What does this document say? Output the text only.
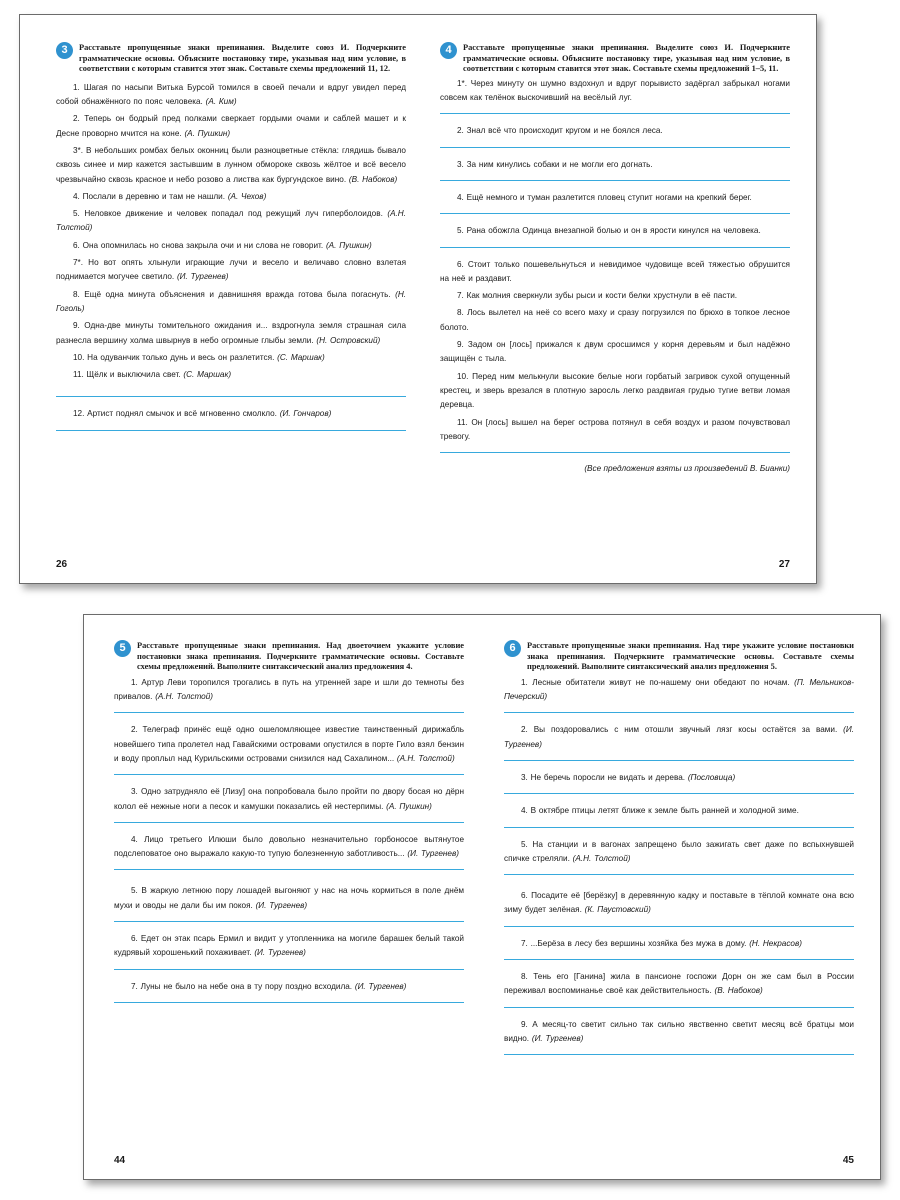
3	Расставьте пропущенные знаки препинания. Выделите союз И. Подчеркните грамматические основы. Объясните постановку тире, указывая над ним условие, в соответствии с которым ставится этот знак. Составьте схемы предложений 11, 12.

1. Шагая по насыпи Витька Бурсой томился в своей печали и вдруг увидел перед собой обнажённого по пояс человека. (А. Ким)

2. Теперь он бодрый пред полками сверкает гордыми очами и саблей машет и к Десне проворно мчится на коне. (А. Пушкин)

3*. В небольших ромбах белых оконниц были разноцветные стёкла: глядишь бывало сквозь синее и мир кажется застывшим в лунном обмороке сквозь жёлтое и всё весело чрезвычайно сквозь красное и небо розово а листва как бургундское вино. (В. Набоков)

4. Послали в деревню и там не нашли. (А. Чехов)

5. Неловкое движение и человек попадал под режущий луч гиперболоидов. (А.Н. Толстой)

6. Она опомнилась но снова закрыла очи и ни слова не говорит. (А. Пушкин)

7*. Но вот опять хлынули играющие лучи и весело и величаво словно взлетая поднимается могучее светило. (И. Тургенев)

8. Ещё одна минута объяснения и давнишняя вражда готова была погаснуть. (Н. Гоголь)

9. Одна-две минуты томительного ожидания и... вздрогнула земля страшная сила разнесла вершину холма швырнув в небо огромные глыбы земли. (Н. Островский)

10. На одуванчик только дунь и весь он разлетится. (С. Маршак)

11. Щёлк и выключила свет. (С. Маршак)

12. Артист поднял смычок и всё мгновенно смолкло. (И. Гончаров)

26
4	Расставьте пропущенные знаки препинания. Выделите союз И. Подчеркните грамматические основы. Объясните постановку тире, указывая над ним условие, в соответствии с которым ставится этот знак. Составьте схемы предложений 1–5, 11.

1*. Через минуту он шумно вздохнул и вдруг порывисто задёргал забрыкал ногами совсем как телёнок выскочивший на весёлый луг.

2. Знал всё что происходит кругом и не боялся леса.

3. За ним кинулись собаки и не могли его догнать.

4. Ещё немного и туман разлетится пловец ступит ногами на крепкий берег.

5. Рана обожгла Одинца внезапной болью и он в ярости кинулся на человека.

6. Стоит только пошевельнуться и невидимое чудовище всей тяжестью обрушится на неё и раздавит.

7. Как молния сверкнули зубы рыси и кости белки хрустнули в её пасти.

8. Лось вылетел на неё со всего маху и сразу погрузился по брюхо в топкое лесное болото.

9. Задом он [лось] прижался к двум сросшимся у корня деревьям и был надёжно защищён с тыла.

10. Перед ним мелькнули высокие белые ноги горбатый загривок сухой опущенный крестец, и зверь врезался в плотную заросль легко раздвигая грудью тугие ветви ломая деревца.

11. Он [лось] вышел на берег острова потянул в себя воздух и разом почувствовал тревогу.

(Все предложения взяты из произведений В. Бианки)
27
5	Расставьте пропущенные знаки препинания. Над двоеточием укажите условие постановки знака препинания. Подчеркните грамматические основы. Составьте схемы предложений. Выполните синтаксический анализ предложения 4.

1. Артур Леви торопился трогались в путь на утренней заре и шли до темноты без привалов. (А.Н. Толстой)

2. Телеграф принёс ещё одно ошеломляющее известие таинственный дирижабль новейшего типа пролетел над Гавайскими островами опустился в порте Гило взял бензин и воду проплыл над Курильскими островами снизился над Сахалином... (А.Н. Толстой)

3. Одно затрудняло её [Лизу] она попробовала было пройти по двору босая но дёрн колол её нежные ноги а песок и камушки показались ей нестерпимы. (А. Пушкин)

4. Лицо третьего Илюши было довольно незначительно горбоносое вытянутое подслеповатое оно выражало какую-то тупую болезненную заботливость... (И. Тургенев)

5. В жаркую летнюю пору лошадей выгоняют у нас на ночь кормиться в поле днём мухи и оводы не дали бы им покоя. (И. Тургенев)

6. Едет он этак псарь Ермил и видит у утопленника на могиле барашек белый такой кудрявый хорошенький похаживает. (И. Тургенев)

7. Луны не было на небе она в ту пору поздно всходила. (И. Тургенев)

44
6	Расставьте пропущенные знаки препинания. Над тире укажите условие постановки знака препинания. Подчеркните грамматические основы. Составьте схемы предложений. Выполните синтаксический анализ предложения 5.

1. Лесные обитатели живут не по-нашему они обедают по ночам. (П. Мельников-Печерский)

2. Вы поздоровались с ним отошли звучный лязг косы остаётся за вами. (И. Тургенев)

3. Не беречь поросли не видать и дерева. (Пословица)

4. В октябре птицы летят ближе к земле быть ранней и холодной зиме.

5. На станции и в вагонах запрещено было зажигать свет даже по вспыхнувшей спичке стреляли. (А.Н. Толстой)

6. Посадите её [берёзку] в деревянную кадку и поставьте в тёплой комнате она всю зиму будет зелёная. (К. Паустовский)

7. ...Берёза в лесу без вершины хозяйка без мужа в дому. (Н. Некрасов)

8. Тень его [Ганина] жила в пансионе госпожи Дорн он же сам был в России переживал воспоминанье своё как действительность. (В. Набоков)

9. А месяц-то светит сильно так сильно явственно светит месяц всё братцы мои видно. (И. Тургенев)

45
